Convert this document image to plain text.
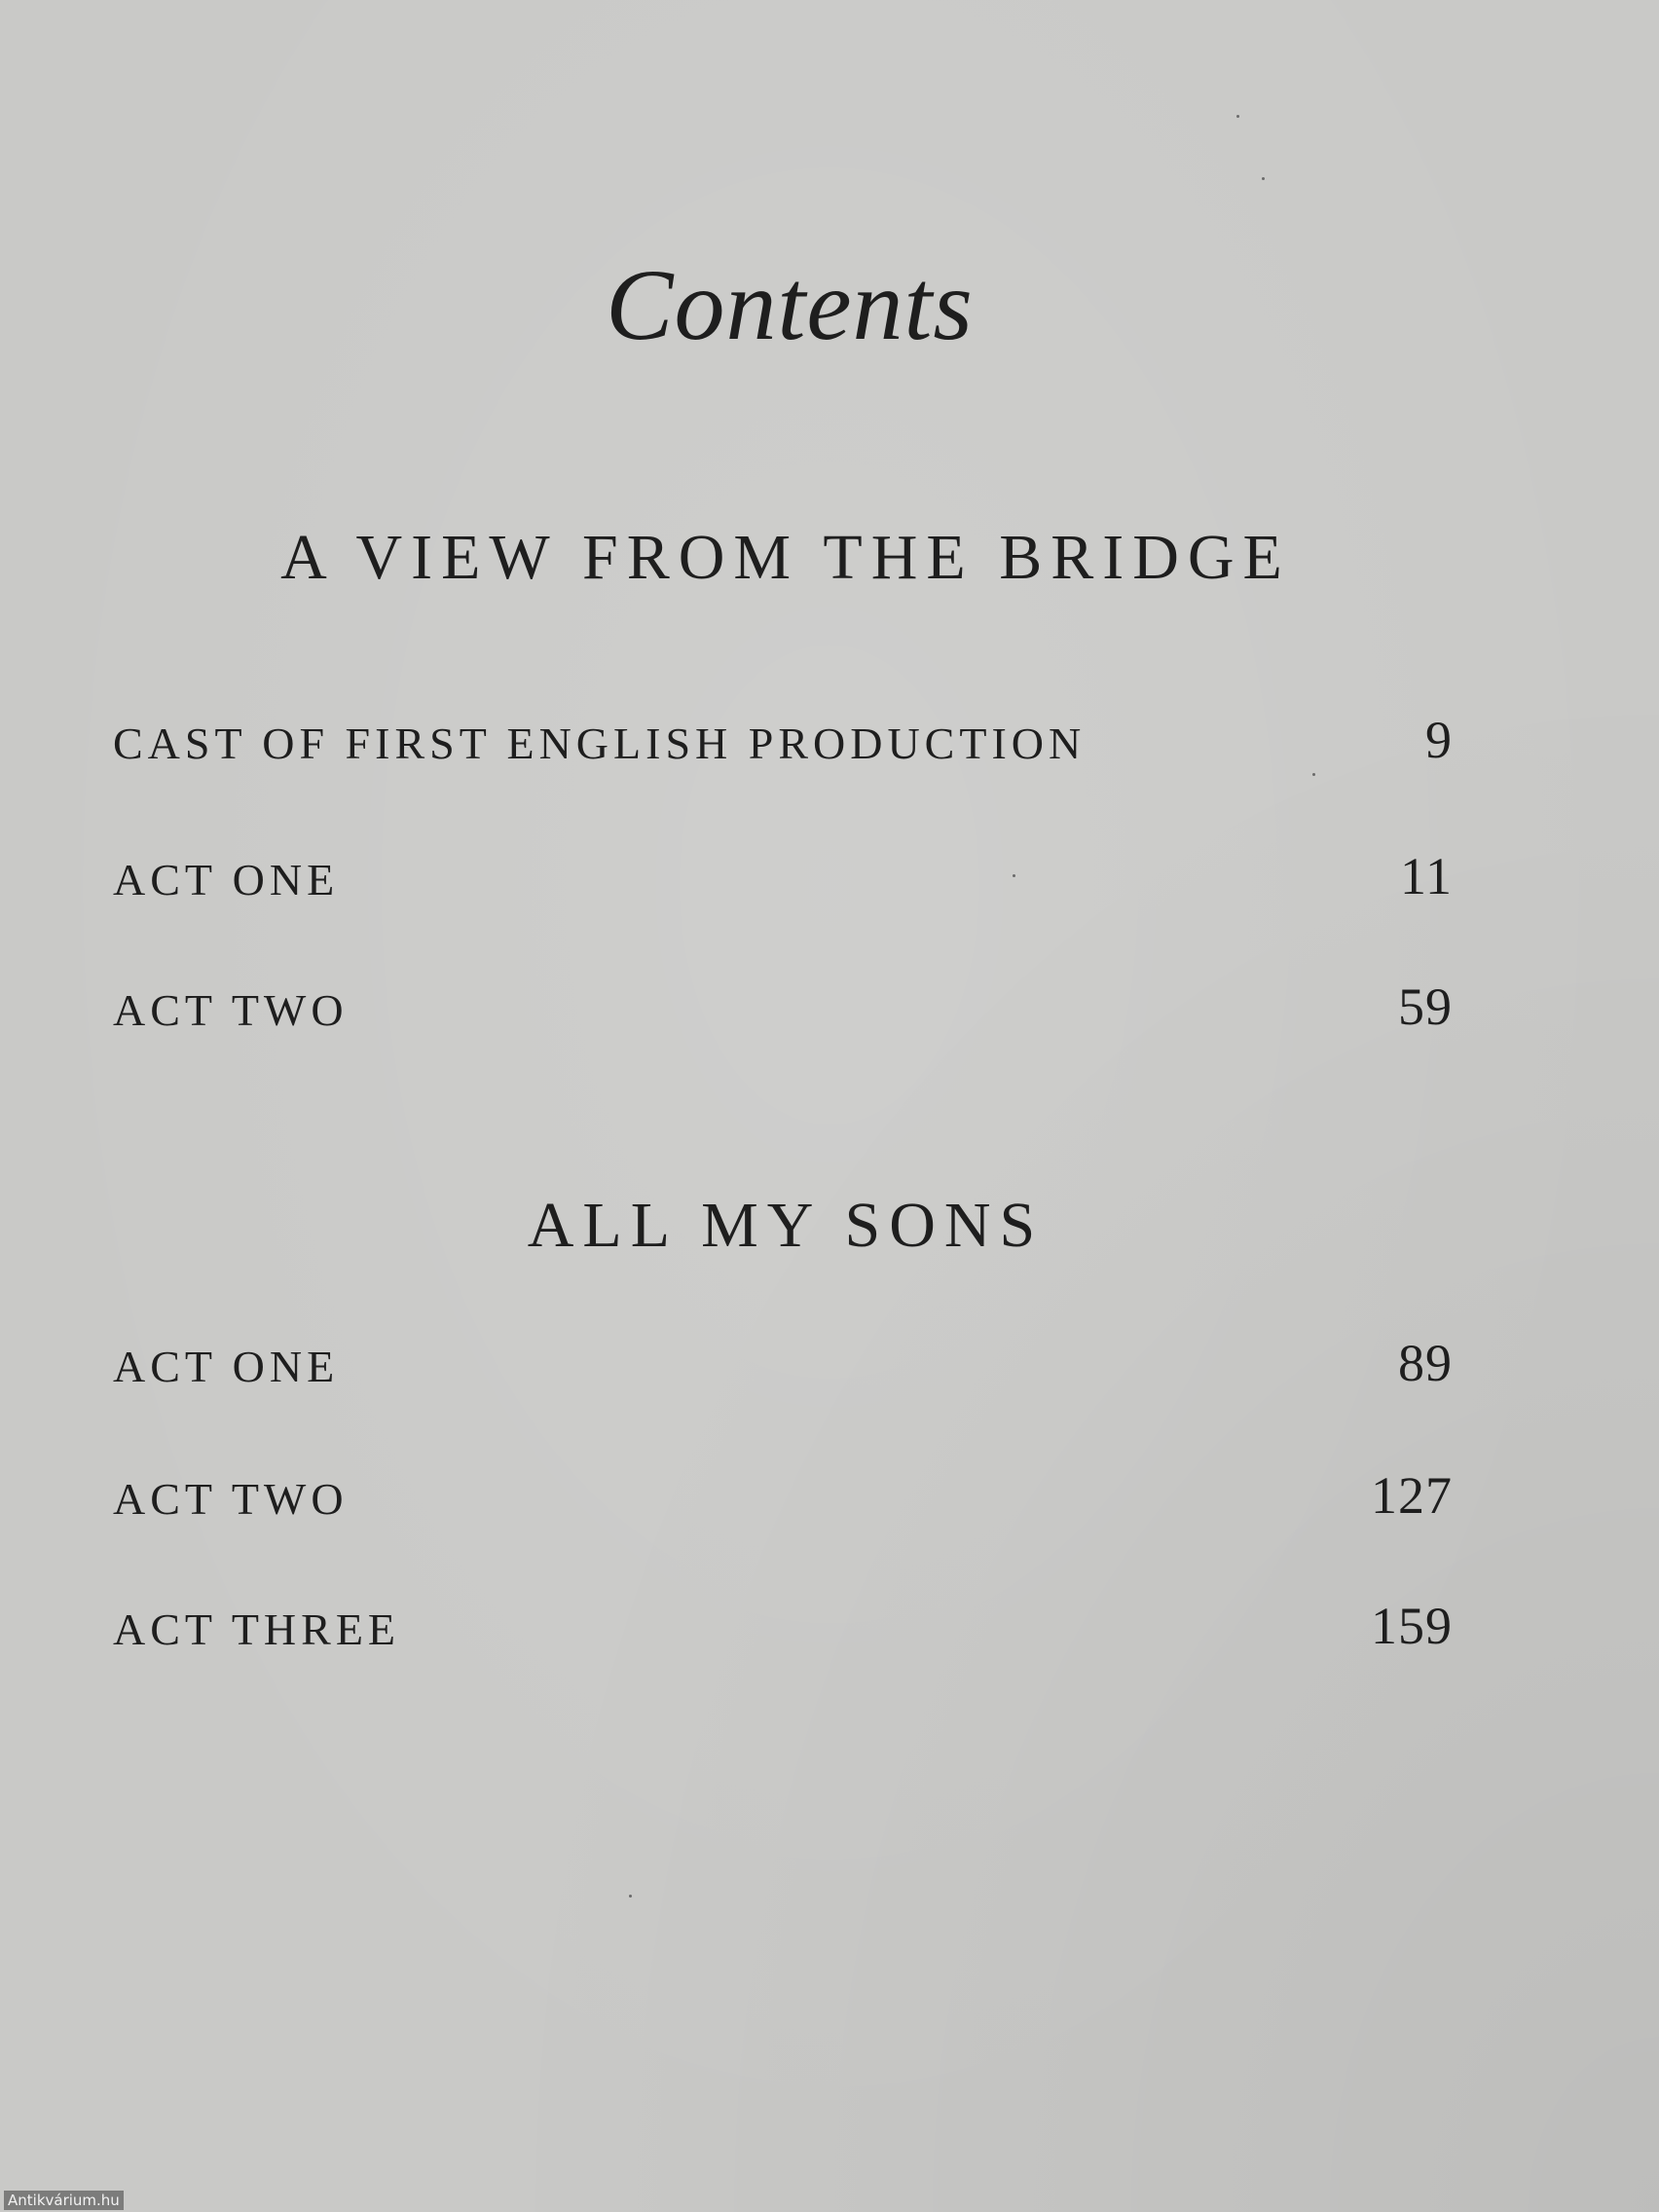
Contents
A VIEW FROM THE BRIDGE
CAST OF FIRST ENGLISH PRODUCTION	9
ACT ONE	11
ACT TWO	59
ALL MY SONS
ACT ONE	89
ACT TWO	127
ACT THREE	159
Antikvárium.hu
